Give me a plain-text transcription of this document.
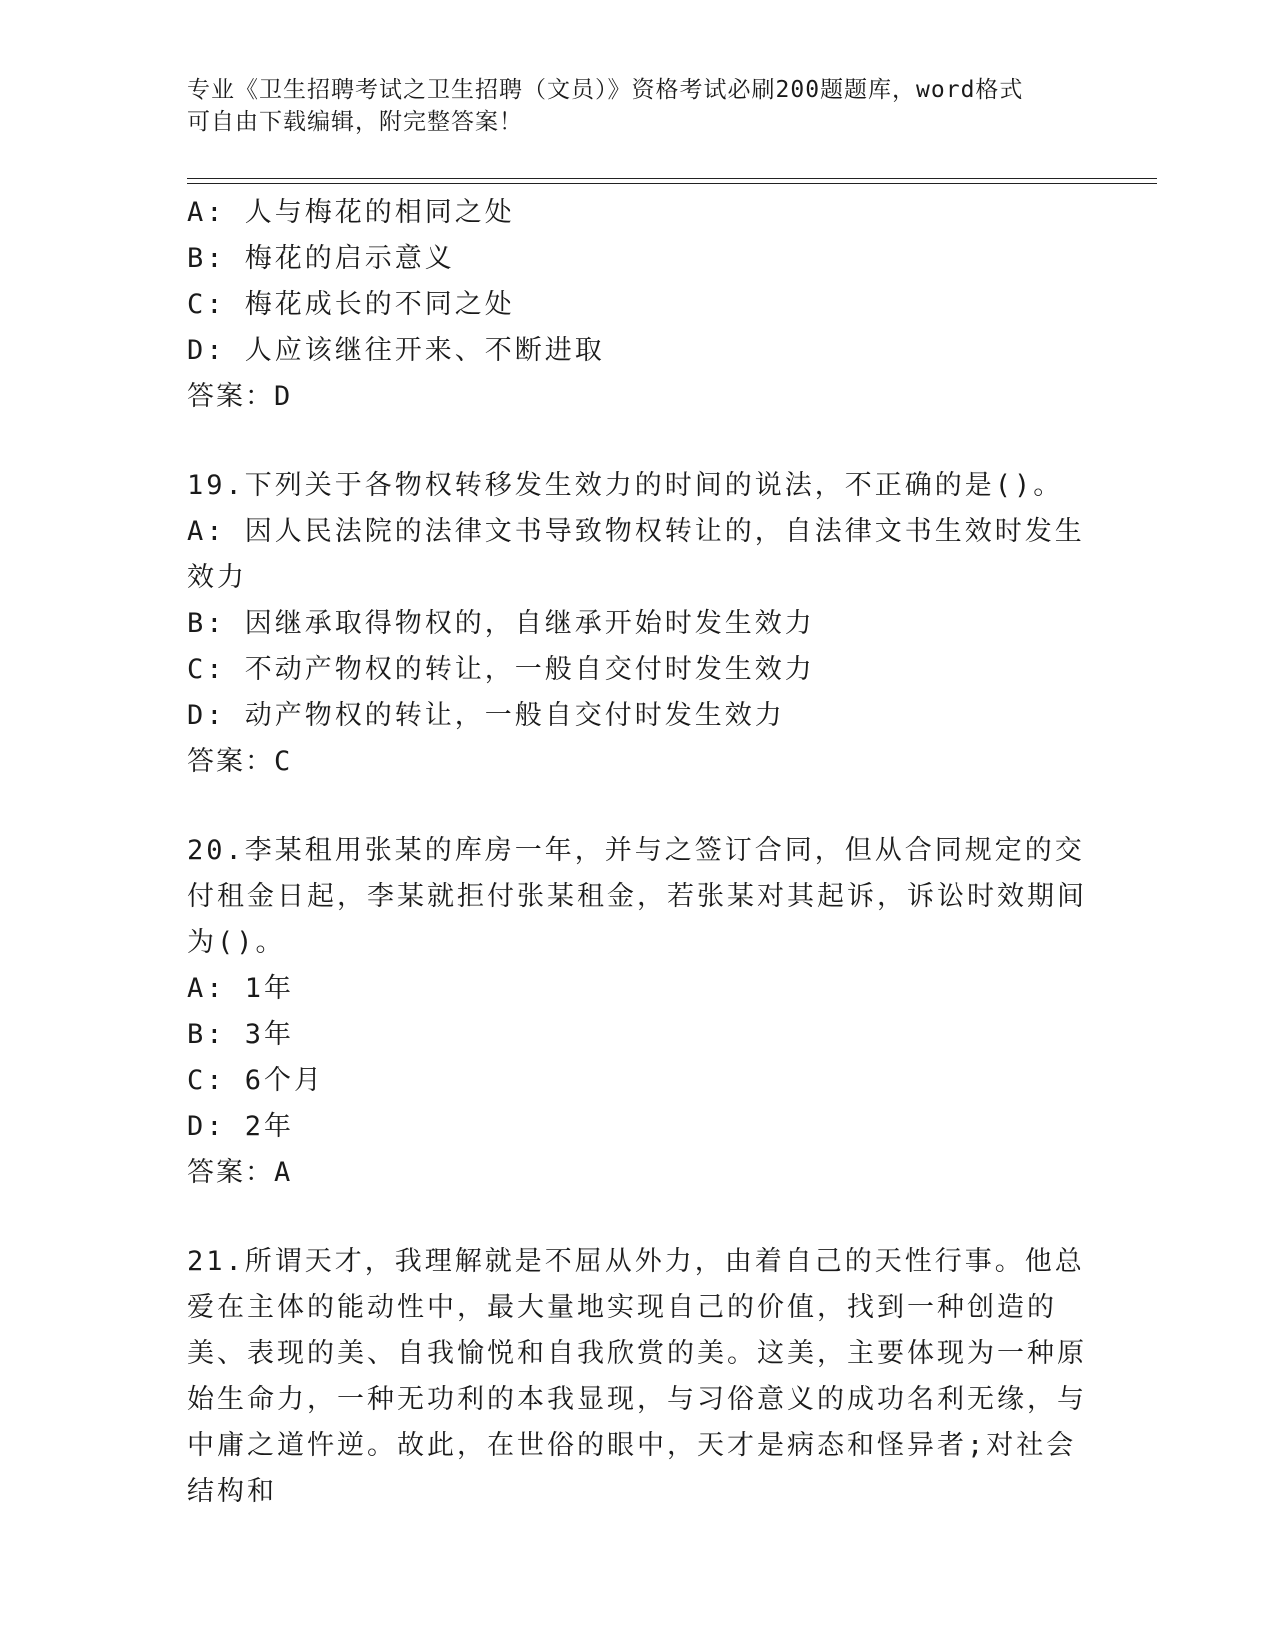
专业《卫生招聘考试之卫生招聘（文员）》资格考试必刷200题题库，word格式
可自由下载编辑，附完整答案！
A: 人与梅花的相同之处
B: 梅花的启示意义
C: 梅花成长的不同之处
D: 人应该继往开来、不断进取
答案：D
19.下列关于各物权转移发生效力的时间的说法，不正确的是()。
A: 因人民法院的法律文书导致物权转让的，自法律文书生效时发生效力
B: 因继承取得物权的，自继承开始时发生效力
C: 不动产物权的转让，一般自交付时发生效力
D: 动产物权的转让，一般自交付时发生效力
答案：C
20.李某租用张某的库房一年，并与之签订合同，但从合同规定的交付租金日起，李某就拒付张某租金，若张某对其起诉，诉讼时效期间为()。
A: 1年
B: 3年
C: 6个月
D: 2年
答案：A
21.所谓天才，我理解就是不屈从外力，由着自己的天性行事。他总爱在主体的能动性中，最大量地实现自己的价值，找到一种创造的美、表现的美、自我愉悦和自我欣赏的美。这美，主要体现为一种原始生命力，一种无功利的本我显现，与习俗意义的成功名利无缘，与中庸之道忤逆。故此，在世俗的眼中，天才是病态和怪异者;对社会结构和
